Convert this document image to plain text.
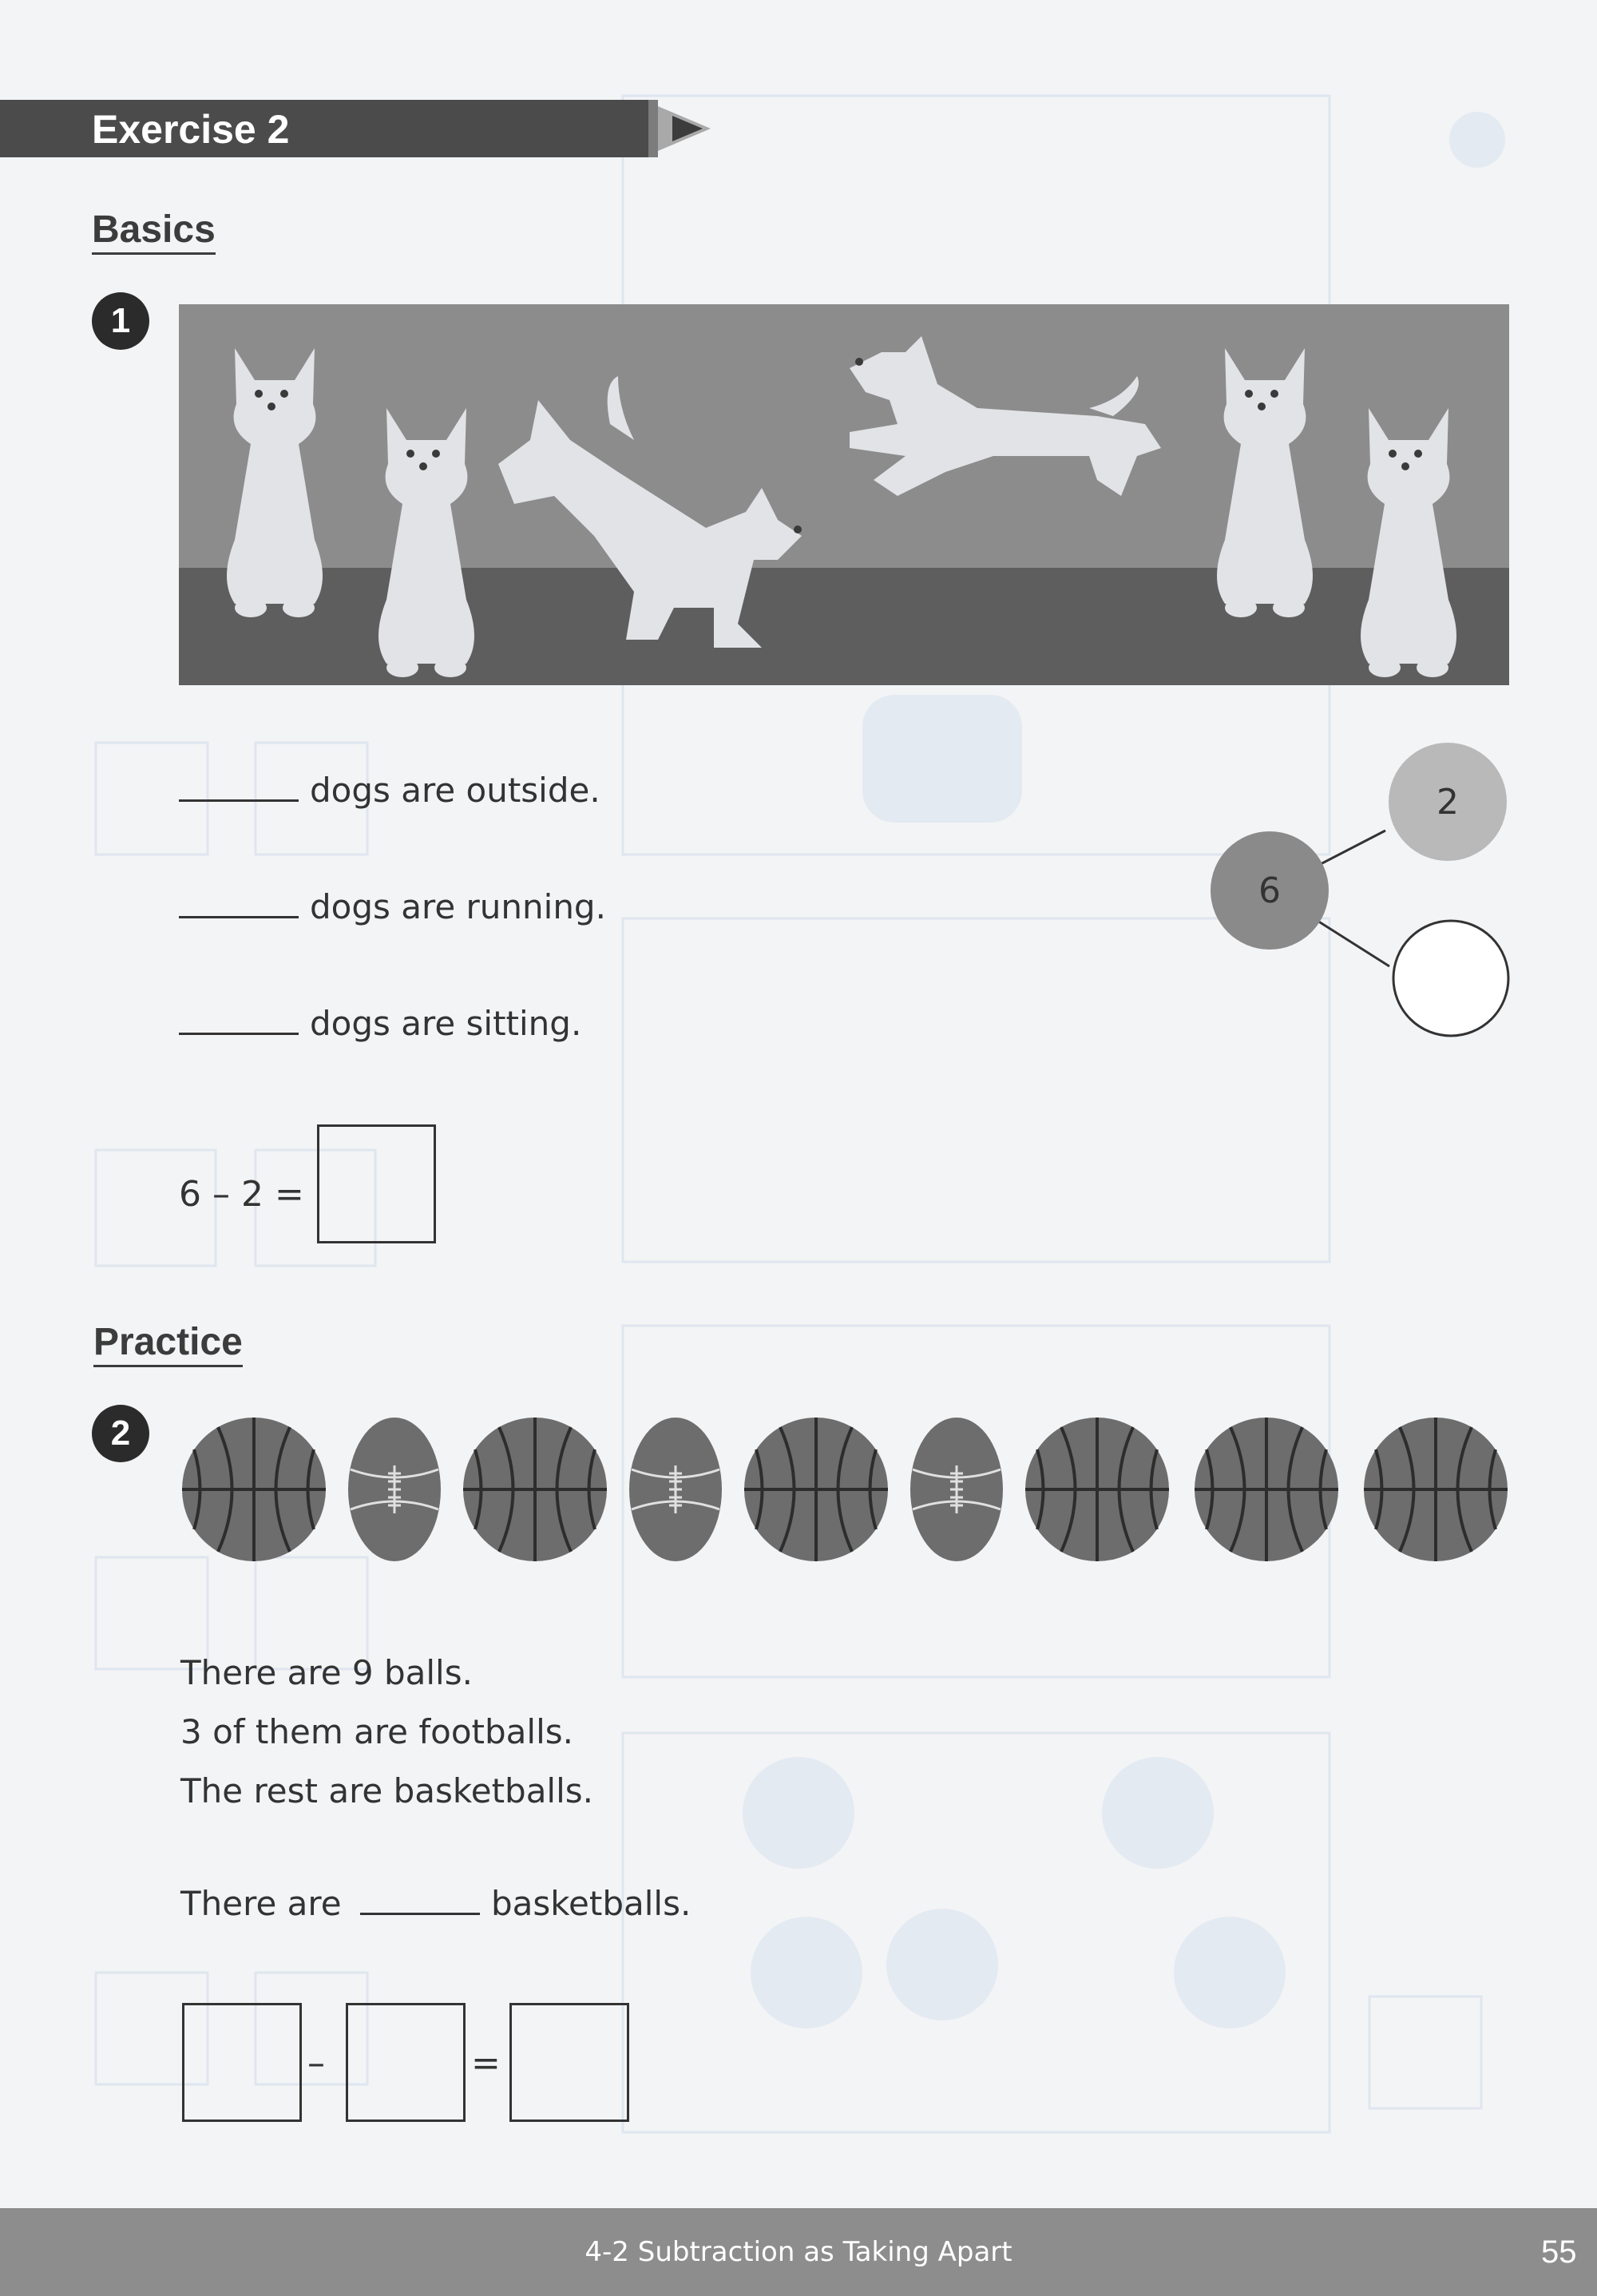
Exercise 2
Basics
1
dogs are outside.
dogs are running.
dogs are sitting.
2
6
6 – 2 =
Practice
2
There are 9 balls.
3 of them are footballs.
The rest are basketballs.
There are	basketballs.
–	=
4-2 Subtraction as Taking Apart	55
